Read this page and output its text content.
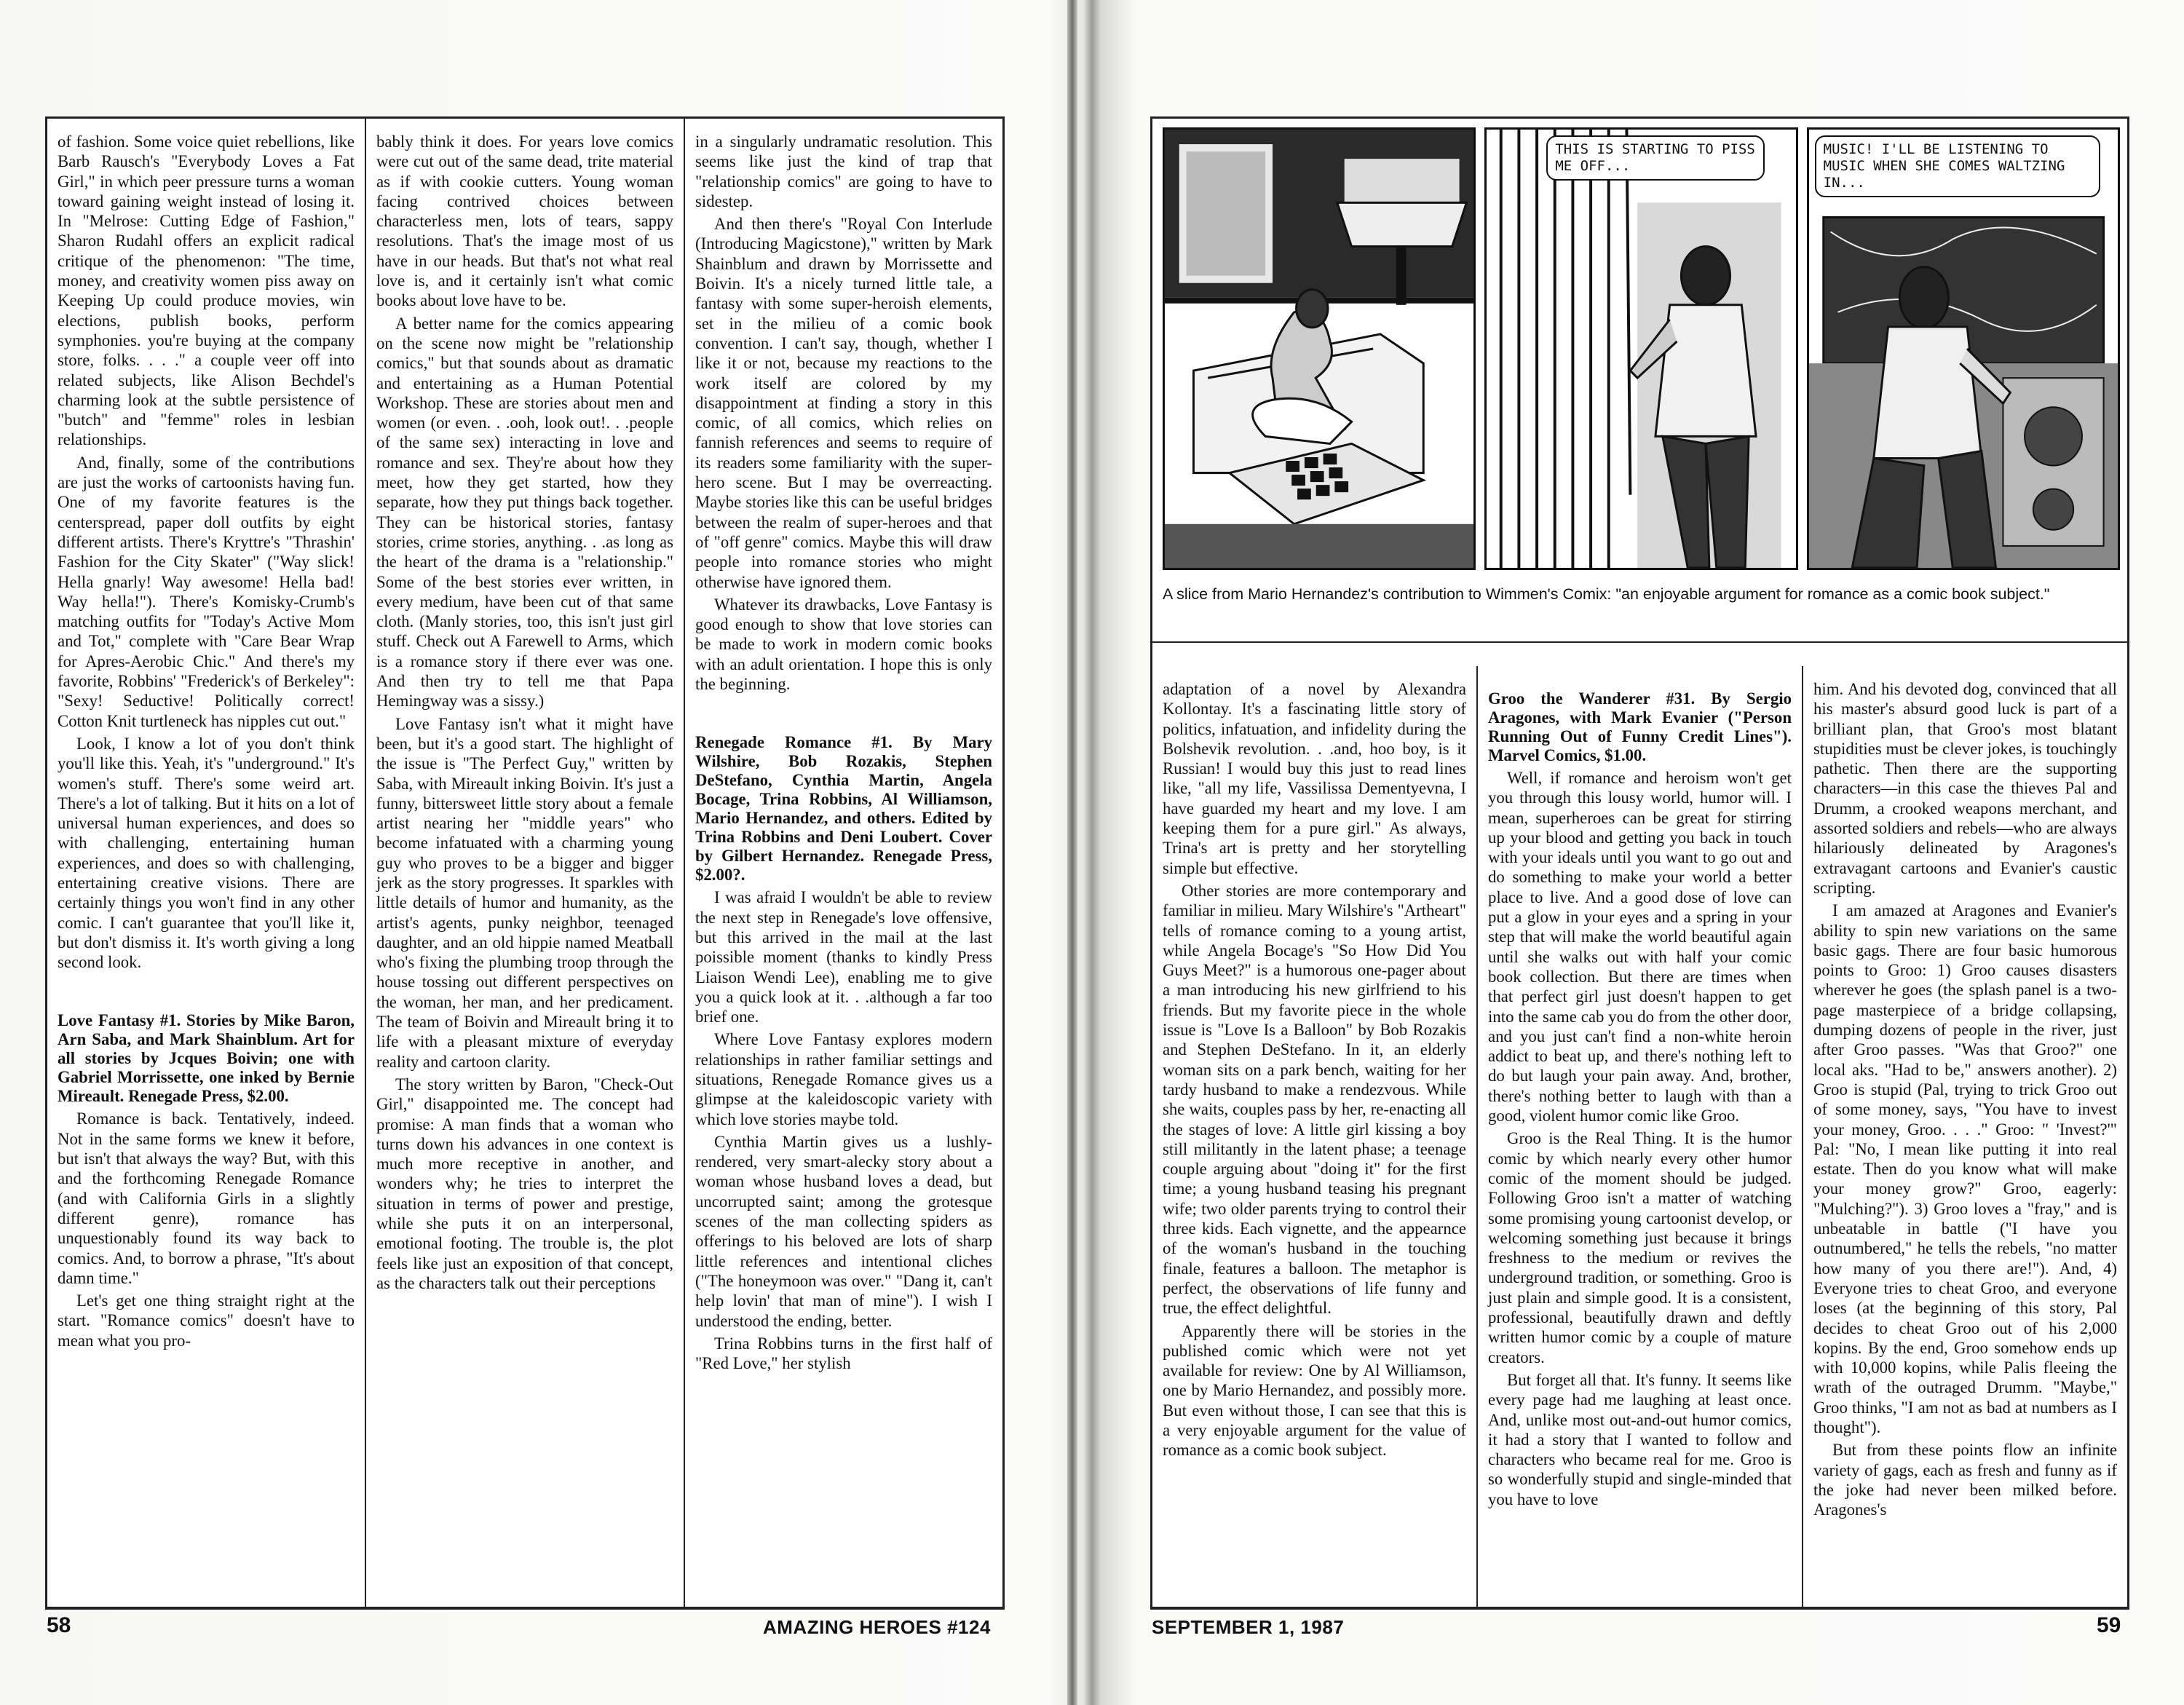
of fashion. Some voice quiet rebellions, like Barb Rausch's "Everybody Loves a Fat Girl," in which peer pressure turns a woman toward gaining weight instead of losing it. In "Melrose: Cutting Edge of Fashion," Sharon Rudahl offers an explicit radical critique of the phenomenon: "The time, money, and creativity women piss away on Keeping Up could produce movies, win elections, publish books, perform symphonies. you're buying at the company store, folks. . . ." a couple veer off into related subjects, like Alison Bechdel's charming look at the subtle persistence of "butch" and "femme" roles in lesbian relationships.

And, finally, some of the contributions are just the works of cartoonists having fun. One of my favorite features is the centerspread, paper doll outfits by eight different artists. There's Kryttre's "Thrashin' Fashion for the City Skater" ("Way slick! Hella gnarly! Way awesome! Hella bad! Way hella!"). There's Komisky-Crumb's matching outfits for "Today's Active Mom and Tot," complete with "Care Bear Wrap for Apres-Aerobic Chic." And there's my favorite, Robbins' "Frederick's of Berkeley": "Sexy! Seductive! Politically correct! Cotton Knit turtleneck has nipples cut out."

Look, I know a lot of you don't think you'll like this. Yeah, it's "underground." It's women's stuff. There's some weird art. There's a lot of talking. But it hits on a lot of universal human experiences, and does so with challenging, entertaining human experiences, and does so with challenging, entertaining creative visions. There are certainly things you won't find in any other comic. I can't guarantee that you'll like it, but don't dismiss it. It's worth giving a long second look.

Love Fantasy #1. Stories by Mike Baron, Arn Saba, and Mark Shainblum. Art for all stories by Jcques Boivin; one with Gabriel Morrissette, one inked by Bernie Mireault. Renegade Press, $2.00.

Romance is back. Tentatively, indeed. Not in the same forms we knew it before, but isn't that always the way? But, with this and the forthcoming Renegade Romance (and with California Girls in a slightly different genre), romance has unquestionably found its way back to comics. And, to borrow a phrase, "It's about damn time."

Let's get one thing straight right at the start. "Romance comics" doesn't have to mean what you pro-

bably think it does. For years love comics were cut out of the same dead, trite material as if with cookie cutters. Young woman facing contrived choices between characterless men, lots of tears, sappy resolutions. That's the image most of us have in our heads. But that's not what real love is, and it certainly isn't what comic books about love have to be.

A better name for the comics appearing on the scene now might be "relationship comics," but that sounds about as dramatic and entertaining as a Human Potential Workshop. These are stories about men and women (or even. . .ooh, look out!. . .people of the same sex) interacting in love and romance and sex. They're about how they meet, how they get started, how they separate, how they put things back together. They can be historical stories, fantasy stories, crime stories, anything. . .as long as the heart of the drama is a "relationship." Some of the best stories ever written, in every medium, have been cut of that same cloth. (Manly stories, too, this isn't just girl stuff. Check out A Farewell to Arms, which is a romance story if there ever was one. And then try to tell me that Papa Hemingway was a sissy.)

Love Fantasy isn't what it might have been, but it's a good start. The highlight of the issue is "The Perfect Guy," written by Saba, with Mireault inking Boivin. It's just a funny, bittersweet little story about a female artist nearing her "middle years" who become infatuated with a charming young guy who proves to be a bigger and bigger jerk as the story progresses. It sparkles with little details of humor and humanity, as the artist's agents, punky neighbor, teenaged daughter, and an old hippie named Meatball who's fixing the plumbing troop through the house tossing out different perspectives on the woman, her man, and her predicament. The team of Boivin and Mireault bring it to life with a pleasant mixture of everyday reality and cartoon clarity.

The story written by Baron, "Check-Out Girl," disappointed me. The concept had promise: A man finds that a woman who turns down his advances in one context is much more receptive in another, and wonders why; he tries to interpret the situation in terms of power and prestige, while she puts it on an interpersonal, emotional footing. The trouble is, the plot feels like just an exposition of that concept, as the characters talk out their perceptions

in a singularly undramatic resolution. This seems like just the kind of trap that "relationship comics" are going to have to sidestep.

And then there's "Royal Con Interlude (Introducing Magicstone)," written by Mark Shainblum and drawn by Morrissette and Boivin. It's a nicely turned little tale, a fantasy with some super-heroish elements, set in the milieu of a comic book convention. I can't say, though, whether I like it or not, because my reactions to the work itself are colored by my disappointment at finding a story in this comic, of all comics, which relies on fannish references and seems to require of its readers some familiarity with the super-hero scene. But I may be overreacting. Maybe stories like this can be useful bridges between the realm of super-heroes and that of "off genre" comics. Maybe this will draw people into romance stories who might otherwise have ignored them.

Whatever its drawbacks, Love Fantasy is good enough to show that love stories can be made to work in modern comic books with an adult orientation. I hope this is only the beginning.

Renegade Romance #1. By Mary Wilshire, Bob Rozakis, Stephen DeStefano, Cynthia Martin, Angela Bocage, Trina Robbins, Al Williamson, Mario Hernandez, and others. Edited by Trina Robbins and Deni Loubert. Cover by Gilbert Hernandez. Renegade Press, $2.00?.

I was afraid I wouldn't be able to review the next step in Renegade's love offensive, but this arrived in the mail at the last poissible moment (thanks to kindly Press Liaison Wendi Lee), enabling me to give you a quick look at it. . .although a far too brief one.

Where Love Fantasy explores modern relationships in rather familiar settings and situations, Renegade Romance gives us a glimpse at the kaleidoscopic variety with which love stories maybe told.

Cynthia Martin gives us a lushly-rendered, very smart-alecky story about a woman whose husband loves a dead, but uncorrupted saint; among the grotesque scenes of the man collecting spiders as offerings to his beloved are lots of sharp little references and intentional cliches ("The honeymoon was over." "Dang it, can't help lovin' that man of mine"). I wish I understood the ending, better.

Trina Robbins turns in the first half of "Red Love," her stylish

58	AMAZING HEROES #124
THIS IS STARTING TO PISS ME OFF...
MUSIC! I'LL BE LISTENING TO MUSIC WHEN SHE COMES WALTZING IN...
A slice from Mario Hernandez's contribution to Wimmen's Comix: "an enjoyable argument for romance as a comic book subject."

adaptation of a novel by Alexandra Kollontay. It's a fascinating little story of politics, infatuation, and infidelity during the Bolshevik revolution. . .and, hoo boy, is it Russian! I would buy this just to read lines like, "all my life, Vassilissa Dementyevna, I have guarded my heart and my love. I am keeping them for a pure girl." As always, Trina's art is pretty and her storytelling simple but effective.

Other stories are more contemporary and familiar in milieu. Mary Wilshire's "Artheart" tells of romance coming to a young artist, while Angela Bocage's "So How Did You Guys Meet?" is a humorous one-pager about a man introducing his new girlfriend to his friends. But my favorite piece in the whole issue is "Love Is a Balloon" by Bob Rozakis and Stephen DeStefano. In it, an elderly woman sits on a park bench, waiting for her tardy husband to make a rendezvous. While she waits, couples pass by her, re-enacting all the stages of love: A little girl kissing a boy still militantly in the latent phase; a teenage couple arguing about "doing it" for the first time; a young husband teasing his pregnant wife; two older parents trying to control their three kids. Each vignette, and the appearnce of the woman's husband in the touching finale, features a balloon. The metaphor is perfect, the observations of life funny and true, the effect delightful.

Apparently there will be stories in the published comic which were not yet available for review: One by Al Williamson, one by Mario Hernandez, and possibly more. But even without those, I can see that this is a very enjoyable argument for the value of romance as a comic book subject.

Groo the Wanderer #31. By Sergio Aragones, with Mark Evanier ("Person Running Out of Funny Credit Lines"). Marvel Comics, $1.00.

Well, if romance and heroism won't get you through this lousy world, humor will. I mean, superheroes can be great for stirring up your blood and getting you back in touch with your ideals until you want to go out and do something to make your world a better place to live. And a good dose of love can put a glow in your eyes and a spring in your step that will make the world beautiful again until she walks out with half your comic book collection. But there are times when that perfect girl just doesn't happen to get into the same cab you do from the other door, and you just can't find a non-white heroin addict to beat up, and there's nothing left to do but laugh your pain away. And, brother, there's nothing better to laugh with than a good, violent humor comic like Groo.

Groo is the Real Thing. It is the humor comic by which nearly every other humor comic of the moment should be judged. Following Groo isn't a matter of watching some promising young cartoonist develop, or welcoming something just because it brings freshness to the medium or revives the underground tradition, or something. Groo is just plain and simple good. It is a consistent, professional, beautifully drawn and deftly written humor comic by a couple of mature creators.

But forget all that. It's funny. It seems like every page had me laughing at least once. And, unlike most out-and-out humor comics, it had a story that I wanted to follow and characters who became real for me. Groo is so wonderfully stupid and single-minded that you have to love

him. And his devoted dog, convinced that all his master's absurd good luck is part of a brilliant plan, that Groo's most blatant stupidities must be clever jokes, is touchingly pathetic. Then there are the supporting characters—in this case the thieves Pal and Drumm, a crooked weapons merchant, and assorted soldiers and rebels—who are always hilariously delineated by Aragones's extravagant cartoons and Evanier's caustic scripting.

I am amazed at Aragones and Evanier's ability to spin new variations on the same basic gags. There are four basic humorous points to Groo: 1) Groo causes disasters wherever he goes (the splash panel is a two-page masterpiece of a bridge collapsing, dumping dozens of people in the river, just after Groo passes. "Was that Groo?" one local aks. "Had to be," answers another). 2) Groo is stupid (Pal, trying to trick Groo out of some money, says, "You have to invest your money, Groo. . . ." Groo: " 'Invest?'" Pal: "No, I mean like putting it into real estate. Then do you know what will make your money grow?" Groo, eagerly: "Mulching?"). 3) Groo loves a "fray," and is unbeatable in battle ("I have you outnumbered," he tells the rebels, "no matter how many of you there are!"). And, 4) Everyone tries to cheat Groo, and everyone loses (at the beginning of this story, Pal decides to cheat Groo out of his 2,000 kopins. By the end, Groo somehow ends up with 10,000 kopins, while Palis fleeing the wrath of the outraged Drumm. "Maybe," Groo thinks, "I am not as bad at numbers as I thought").

But from these points flow an infinite variety of gags, each as fresh and funny as if the joke had never been milked before. Aragones's

SEPTEMBER 1, 1987	59
